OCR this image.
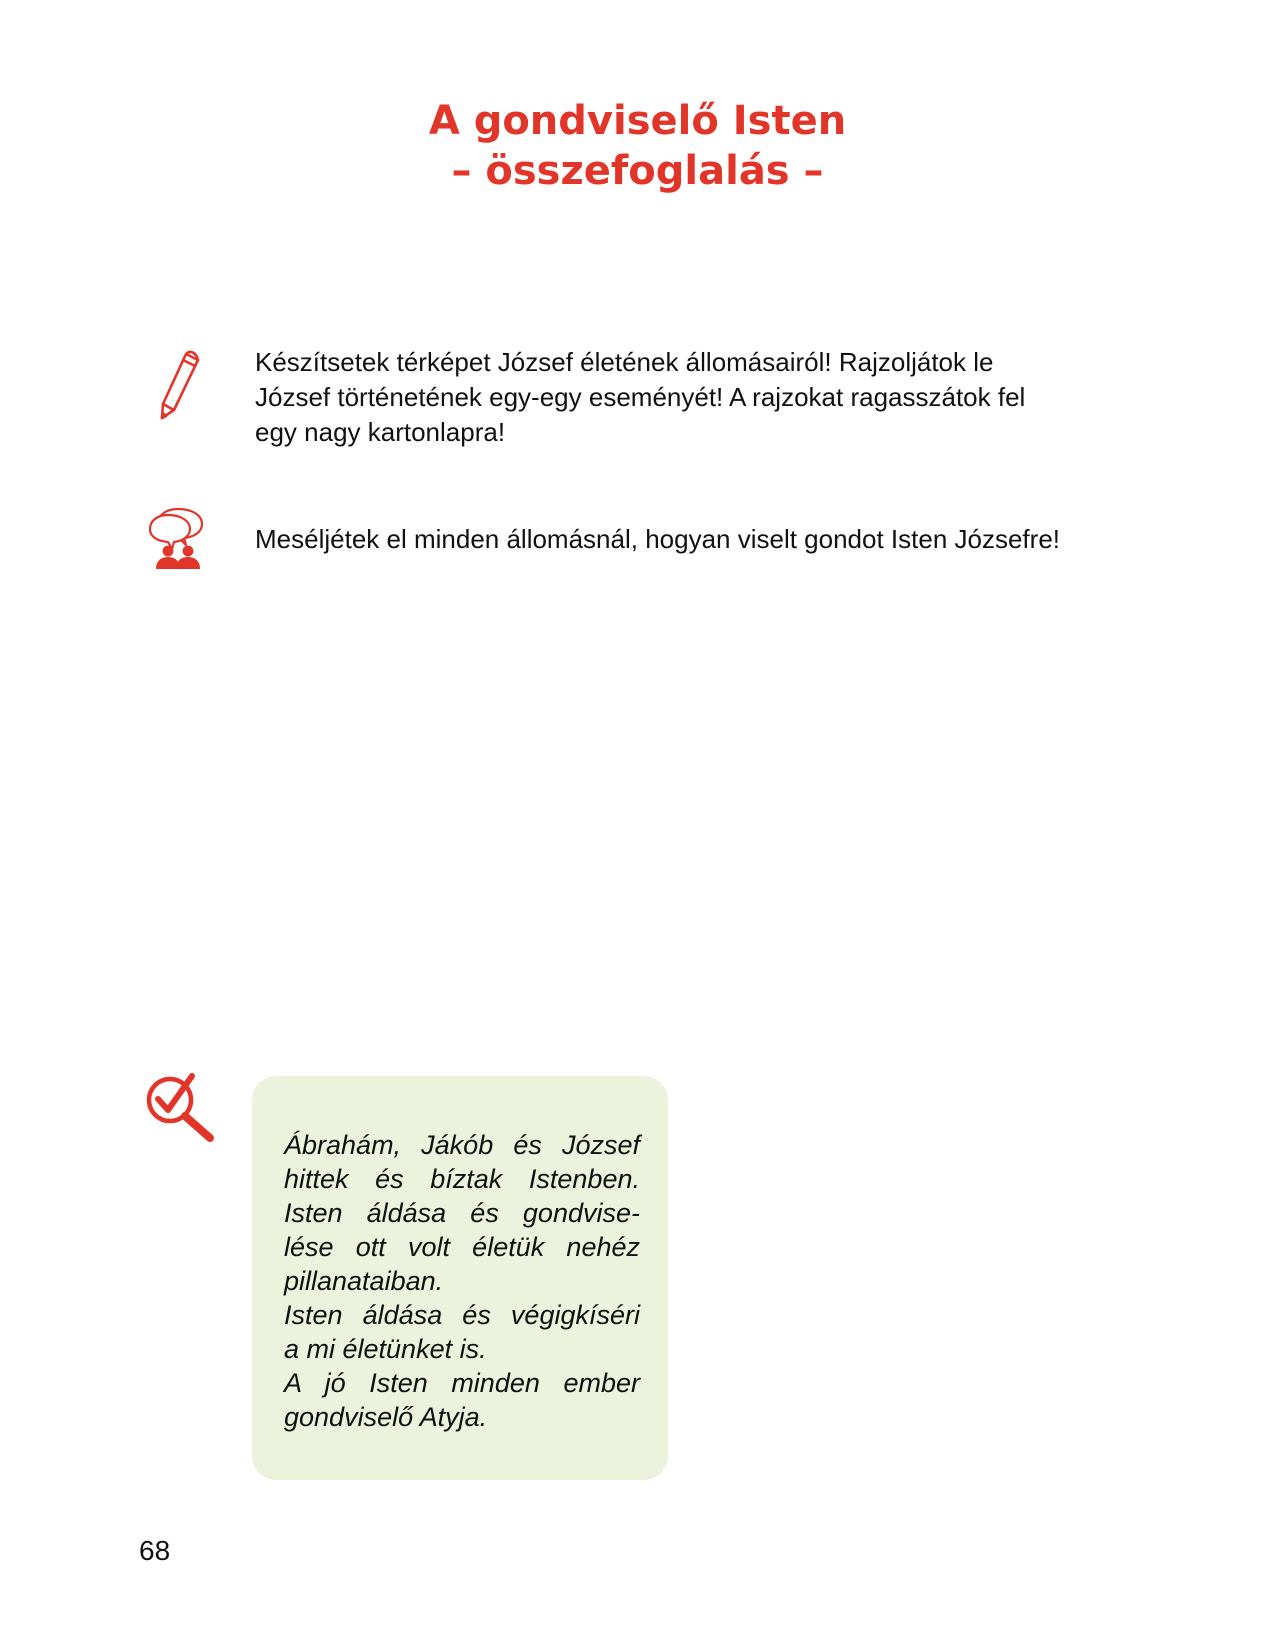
A gondviselő Isten
– összefoglalás –
Készítsetek térképet József életének állomásairól! Rajzoljátok le
József történetének egy-egy eseményét! A rajzokat ragasszátok fel
egy nagy kartonlapra!
Meséljétek el minden állomásnál, hogyan viselt gondot Isten Józsefre!
Ábrahám, Jákób és József
hittek és bíztak Istenben.
Isten áldása és gondvise-
lése ott volt életük nehéz
pillanataiban.
Isten áldása és végigkíséri
a mi életünket is.
A jó Isten minden ember
gondviselő Atyja.
68
